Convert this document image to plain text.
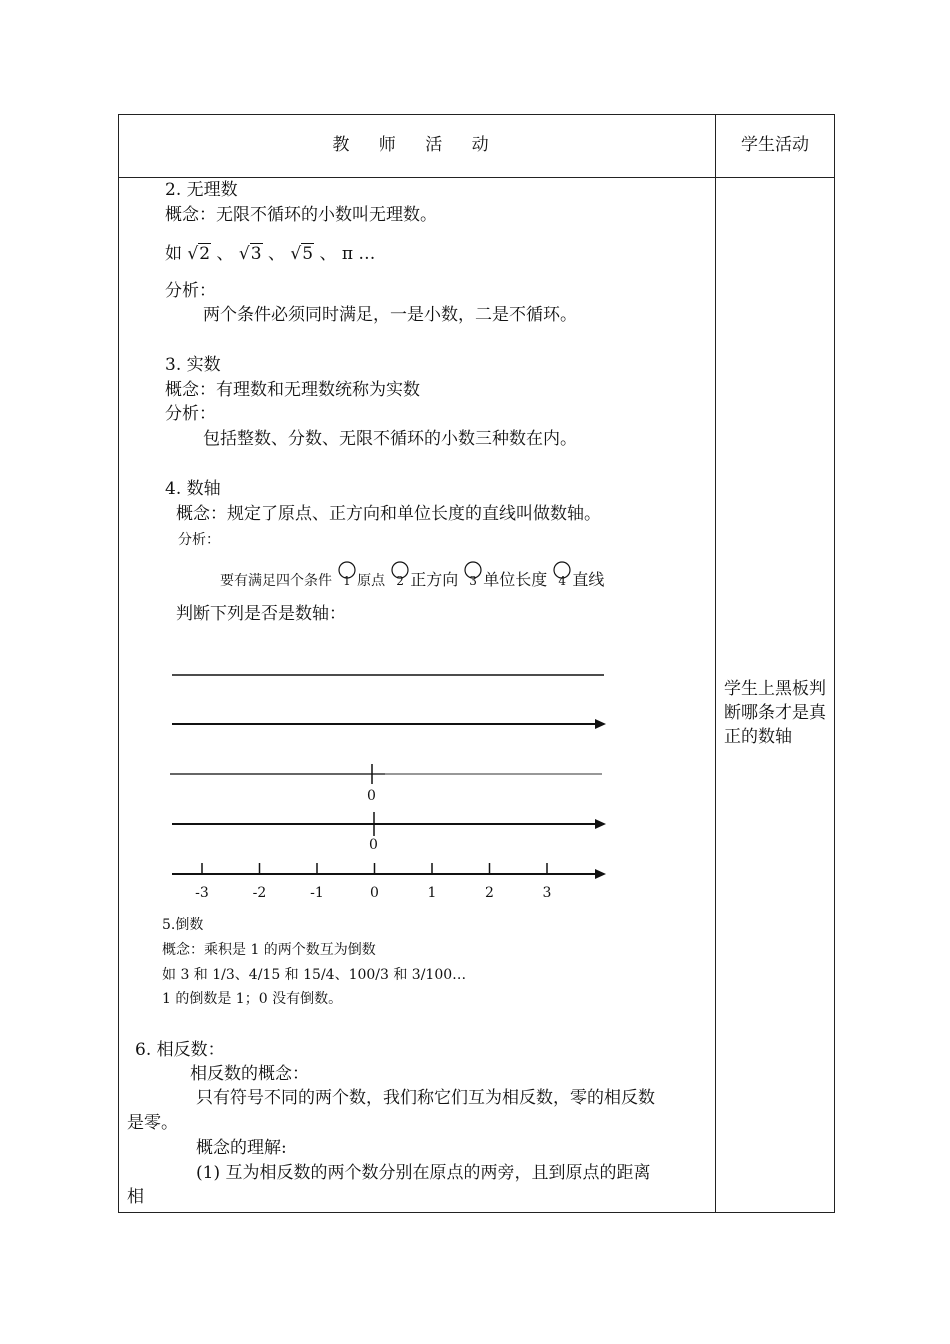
教 师 活 动	学生活动
2. 无理数
概念：无限不循环的小数叫无理数。
如 √2 、 √3 、 √5 、 π …
分析：
两个条件必须同时满足，一是小数，二是不循环。
3. 实数
概念：有理数和无理数统称为实数
分析：
包括整数、分数、无限不循环的小数三种数在内。
4. 数轴
概念：规定了原点、正方向和单位长度的直线叫做数轴。
分析：
要有满足四个条件 1 原点 2 正方向 3 单位长度 4 直线
判断下列是否是数轴：
0
0
-3	-2	-1	0	1	2	3
5.倒数
概念：乘积是 1 的两个数互为倒数
如 3 和 1/3、4/15 和 15/4、100/3 和 3/100…
1 的倒数是 1；0 没有倒数。
6. 相反数：
相反数的概念：
只有符号不同的两个数，我们称它们互为相反数，零的相反数
是零。
概念的理解:
(1) 互为相反数的两个数分别在原点的两旁，且到原点的距离
相
学生上黑板判断哪条才是真正的数轴
